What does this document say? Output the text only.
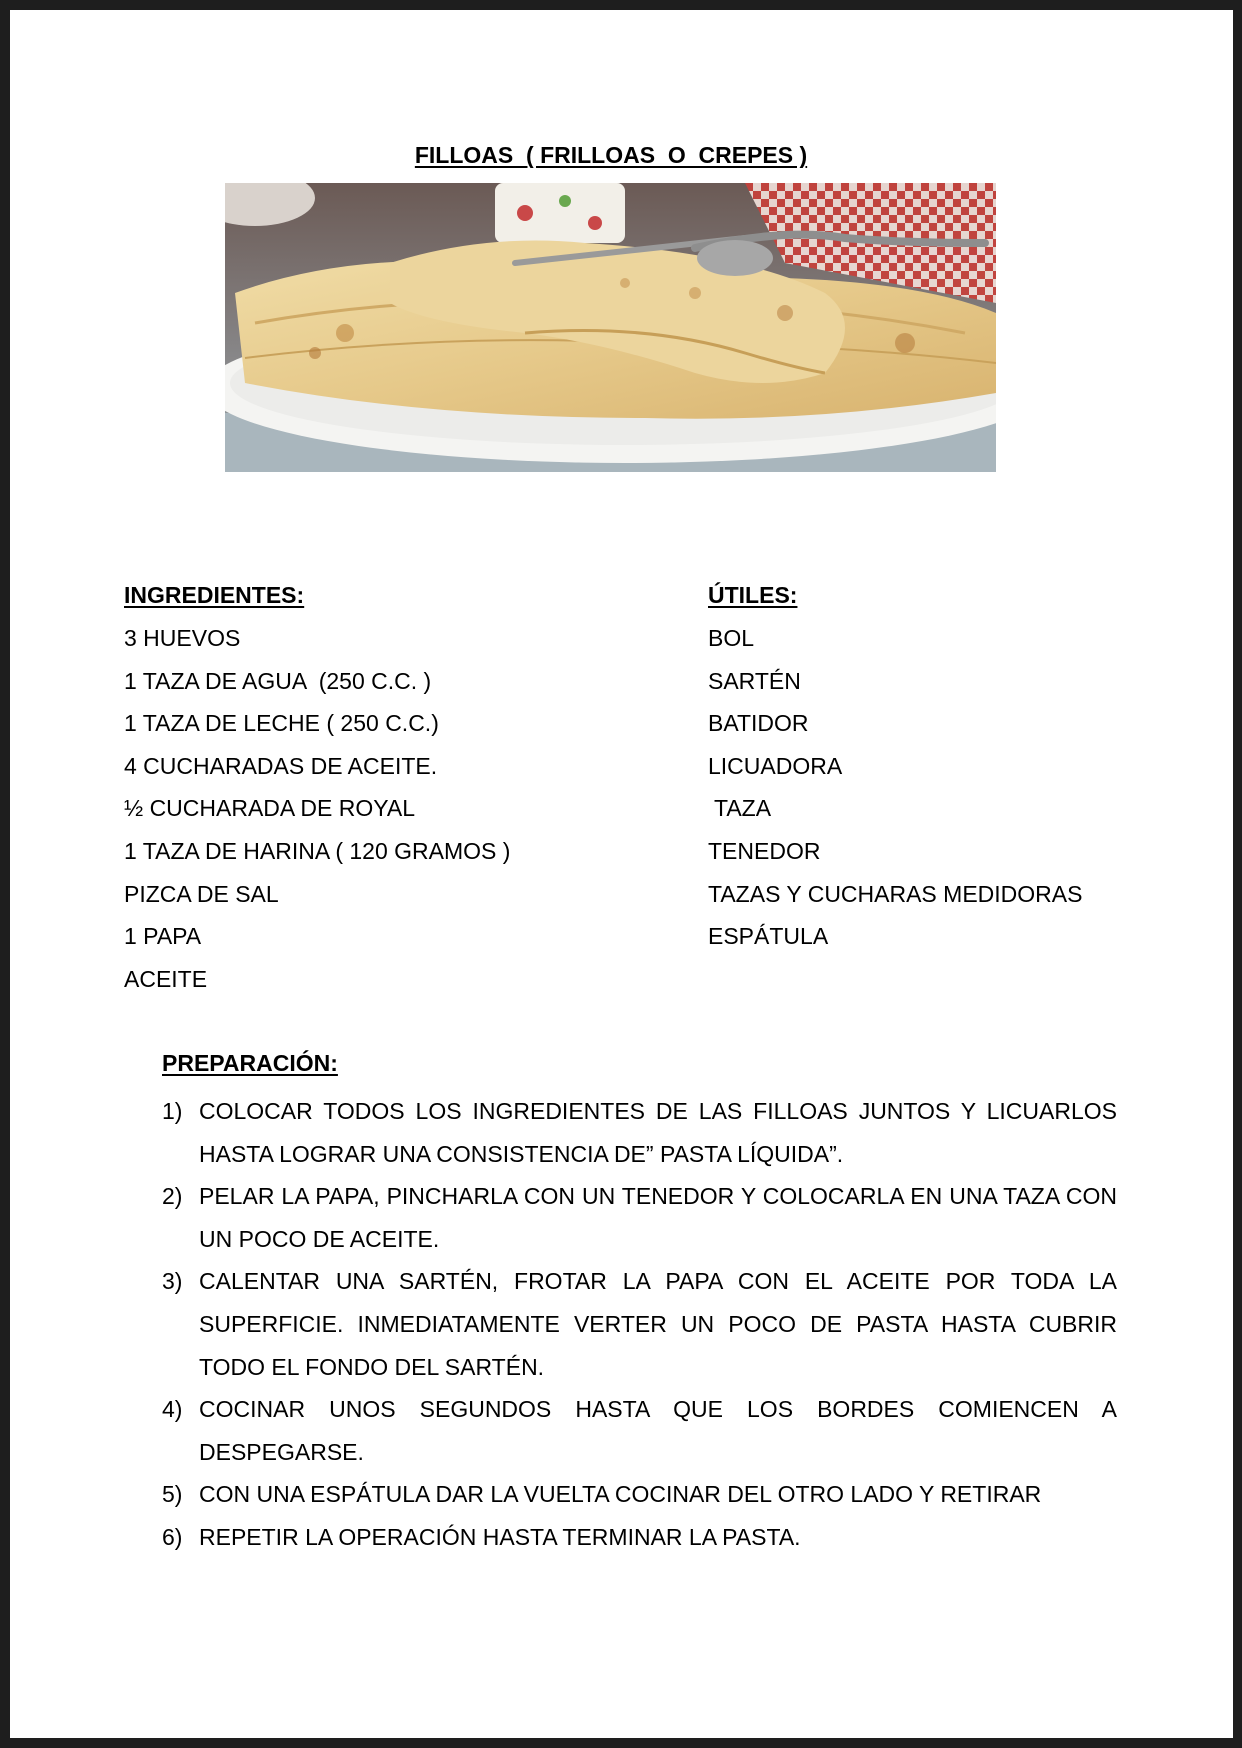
FILLOAS  ( FRILLOAS  O  CREPES )
INGREDIENTES:
3 HUEVOS
1 TAZA DE AGUA  (250 C.C. )
1 TAZA DE LECHE ( 250 C.C.)
4 CUCHARADAS DE ACEITE.
½ CUCHARADA DE ROYAL
1 TAZA DE HARINA ( 120 GRAMOS )
PIZCA DE SAL
1 PAPA
ACEITE
ÚTILES:
BOL
SARTÉN
BATIDOR
LICUADORA
TAZA
TENEDOR
TAZAS Y CUCHARAS MEDIDORAS
ESPÁTULA
PREPARACIÓN:
1) COLOCAR TODOS LOS INGREDIENTES DE LAS FILLOAS JUNTOS Y LICUARLOS HASTA LOGRAR UNA CONSISTENCIA DE” PASTA LÍQUIDA”.
2) PELAR LA PAPA, PINCHARLA CON UN TENEDOR Y COLOCARLA EN UNA TAZA CON UN POCO DE ACEITE.
3) CALENTAR UNA SARTÉN, FROTAR LA PAPA CON EL ACEITE POR TODA LA SUPERFICIE. INMEDIATAMENTE VERTER UN POCO DE PASTA HASTA CUBRIR TODO EL FONDO DEL SARTÉN.
4) COCINAR UNOS SEGUNDOS HASTA QUE LOS BORDES COMIENCEN A DESPEGARSE.
5) CON UNA ESPÁTULA DAR LA VUELTA COCINAR DEL OTRO LADO Y RETIRAR
6) REPETIR LA OPERACIÓN HASTA TERMINAR LA PASTA.
